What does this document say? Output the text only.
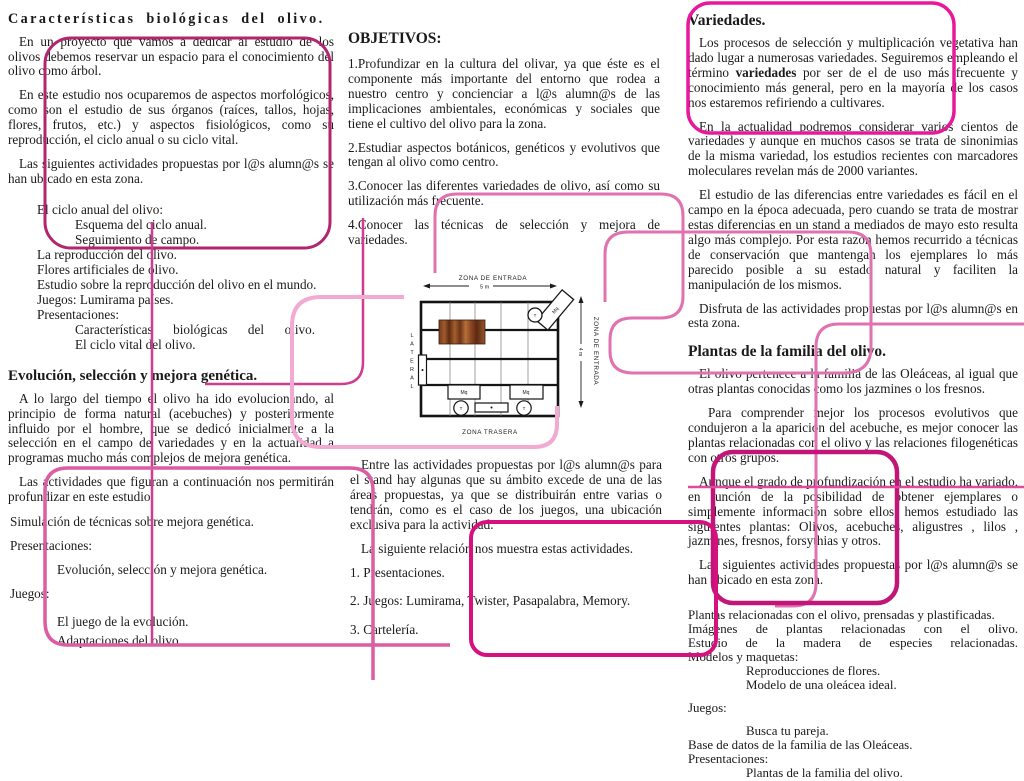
Características biológicas del olivo.

En un proyecto que vamos a dedicar al estudio de los olivos debemos reservar un espacio para el conocimiento del olivo como árbol.

En este estudio nos ocuparemos de aspectos morfológicos, como son el estudio de sus órganos (raíces, tallos, hojas, flores, frutos, etc.) y aspectos fisiológicos, como su reproducción, el ciclo anual o su ciclo vital.

Las siguientes actividades propuestas por l@s alumn@s se han ubicado en esta zona.

El ciclo anual del olivo:
Esquema del ciclo anual.
Seguimiento de campo.
La reproducción del olivo.
Flores artificiales de olivo.
Estudio sobre la reproducción del olivo en el mundo.
Juegos: Lumirama países.
Presentaciones:
Características biológicas del olivo.
El ciclo vital del olivo.
Evolución, selección y mejora genética.

A lo largo del tiempo el olivo ha ido evolucionando, al principio de forma natural (acebuches) y posteriormente influido por el hombre, que se dedicó inicialmente a la selección en el campo de variedades y en la actualidad a programas mucho más complejos de mejora genética.

Las actividades que figuran a continuación nos permitirán profundizar en este estudio.

Simulación de técnicas sobre mejora genética.
Presentaciones:
Evolución, selección y mejora genética.
Juegos:
El juego de la evolución.
Adaptaciones del olivo.
OBJETIVOS:

1.Profundizar en la cultura del olivar, ya que éste es el componente más importante del entorno que rodea a nuestro centro y concienciar a l@s alumn@s de las implicaciones ambientales, económicas y sociales que tiene el cultivo del olivo para la zona.

2.Estudiar aspectos botánicos, genéticos y evolutivos que tengan al olivo como centro.

3.Conocer las diferentes variedades de olivo, así como su utilización más frecuente.

4.Conocer las técnicas de selección y mejora de variedades.

Entre las actividades propuestas por l@s alumn@s para el stand hay algunas que su ámbito excede de una de las áreas propuestas, ya que se distribuirán entre varias o tendrán, como es el caso de los juegos, una ubicación exclusiva para la actividad.

La siguiente relación nos muestra estas actividades.

1. Presentaciones.
2. Juegos: Lumirama, Twister, Pasapalabra, Memory.
3. Cartelería.
Variedades.

Los procesos de selección y multiplicación vegetativa han dado lugar a numerosas variedades. Seguiremos empleando el término variedades por ser de el de uso más frecuente y conocimiento más general, pero en la mayoría de los casos nos estaremos refiriendo a cultivares.

En la actualidad podremos considerar varios cientos de variedades y aunque en muchos casos se trata de sinonimias de la misma variedad, los estudios recientes con marcadores moleculares revelan más de 2000 variantes.

El estudio de las diferencias entre variedades es fácil en el campo en la época adecuada, pero cuando se trata de mostrar estas diferencias en un stand a mediados de mayo esto resulta algo más complejo. Por esta razón hemos recurrido a técnicas de conservación que mantengan los ejemplares lo más parecido posible a su estado natural y faciliten la manipulación de los mismos.

Disfruta de las actividades propuestas por l@s alumn@s en esta zona.

Plantas de la familia del olivo.

El olivo pertenece a la familia de las Oleáceas, al igual que otras plantas conocidas como los jazmines o los fresnos.

Para comprender mejor los procesos evolutivos que condujeron a la aparición del acebuche, es mejor conocer las plantas relacionadas con el olivo y las relaciones filogenéticas con otros grupos.

Aunque el grado de profundización en el estudio ha variado, en función de la posibilidad de obtener ejemplares o simplemente información sobre ellos, hemos estudiado las siguientes plantas: Olivos, acebuches, aligustres , lilos , jazmines, fresnos, forsythias y otros.

Las siguientes actividades propuestas por l@s alumn@s se han ubicado en esta zona.

Plantas relacionadas con el olivo, prensadas y plastificadas.
Imágenes de plantas relacionadas con el olivo.
Estudio de la madera de especies relacionadas.
Modelos y maquetas:
Reproducciones de flores.
Modelo de una oleácea ideal.
Juegos:
Busca tu pareja.
Base de datos de la familia de las Oleáceas.
Presentaciones:
Plantas de la familia del olivo.
ZONA DE ENTRADA
5 m
Mq
T
Mq	Mq
T	T
ZONA TRASERA
LATERAL	4 m ZONA DE ENTRADA
